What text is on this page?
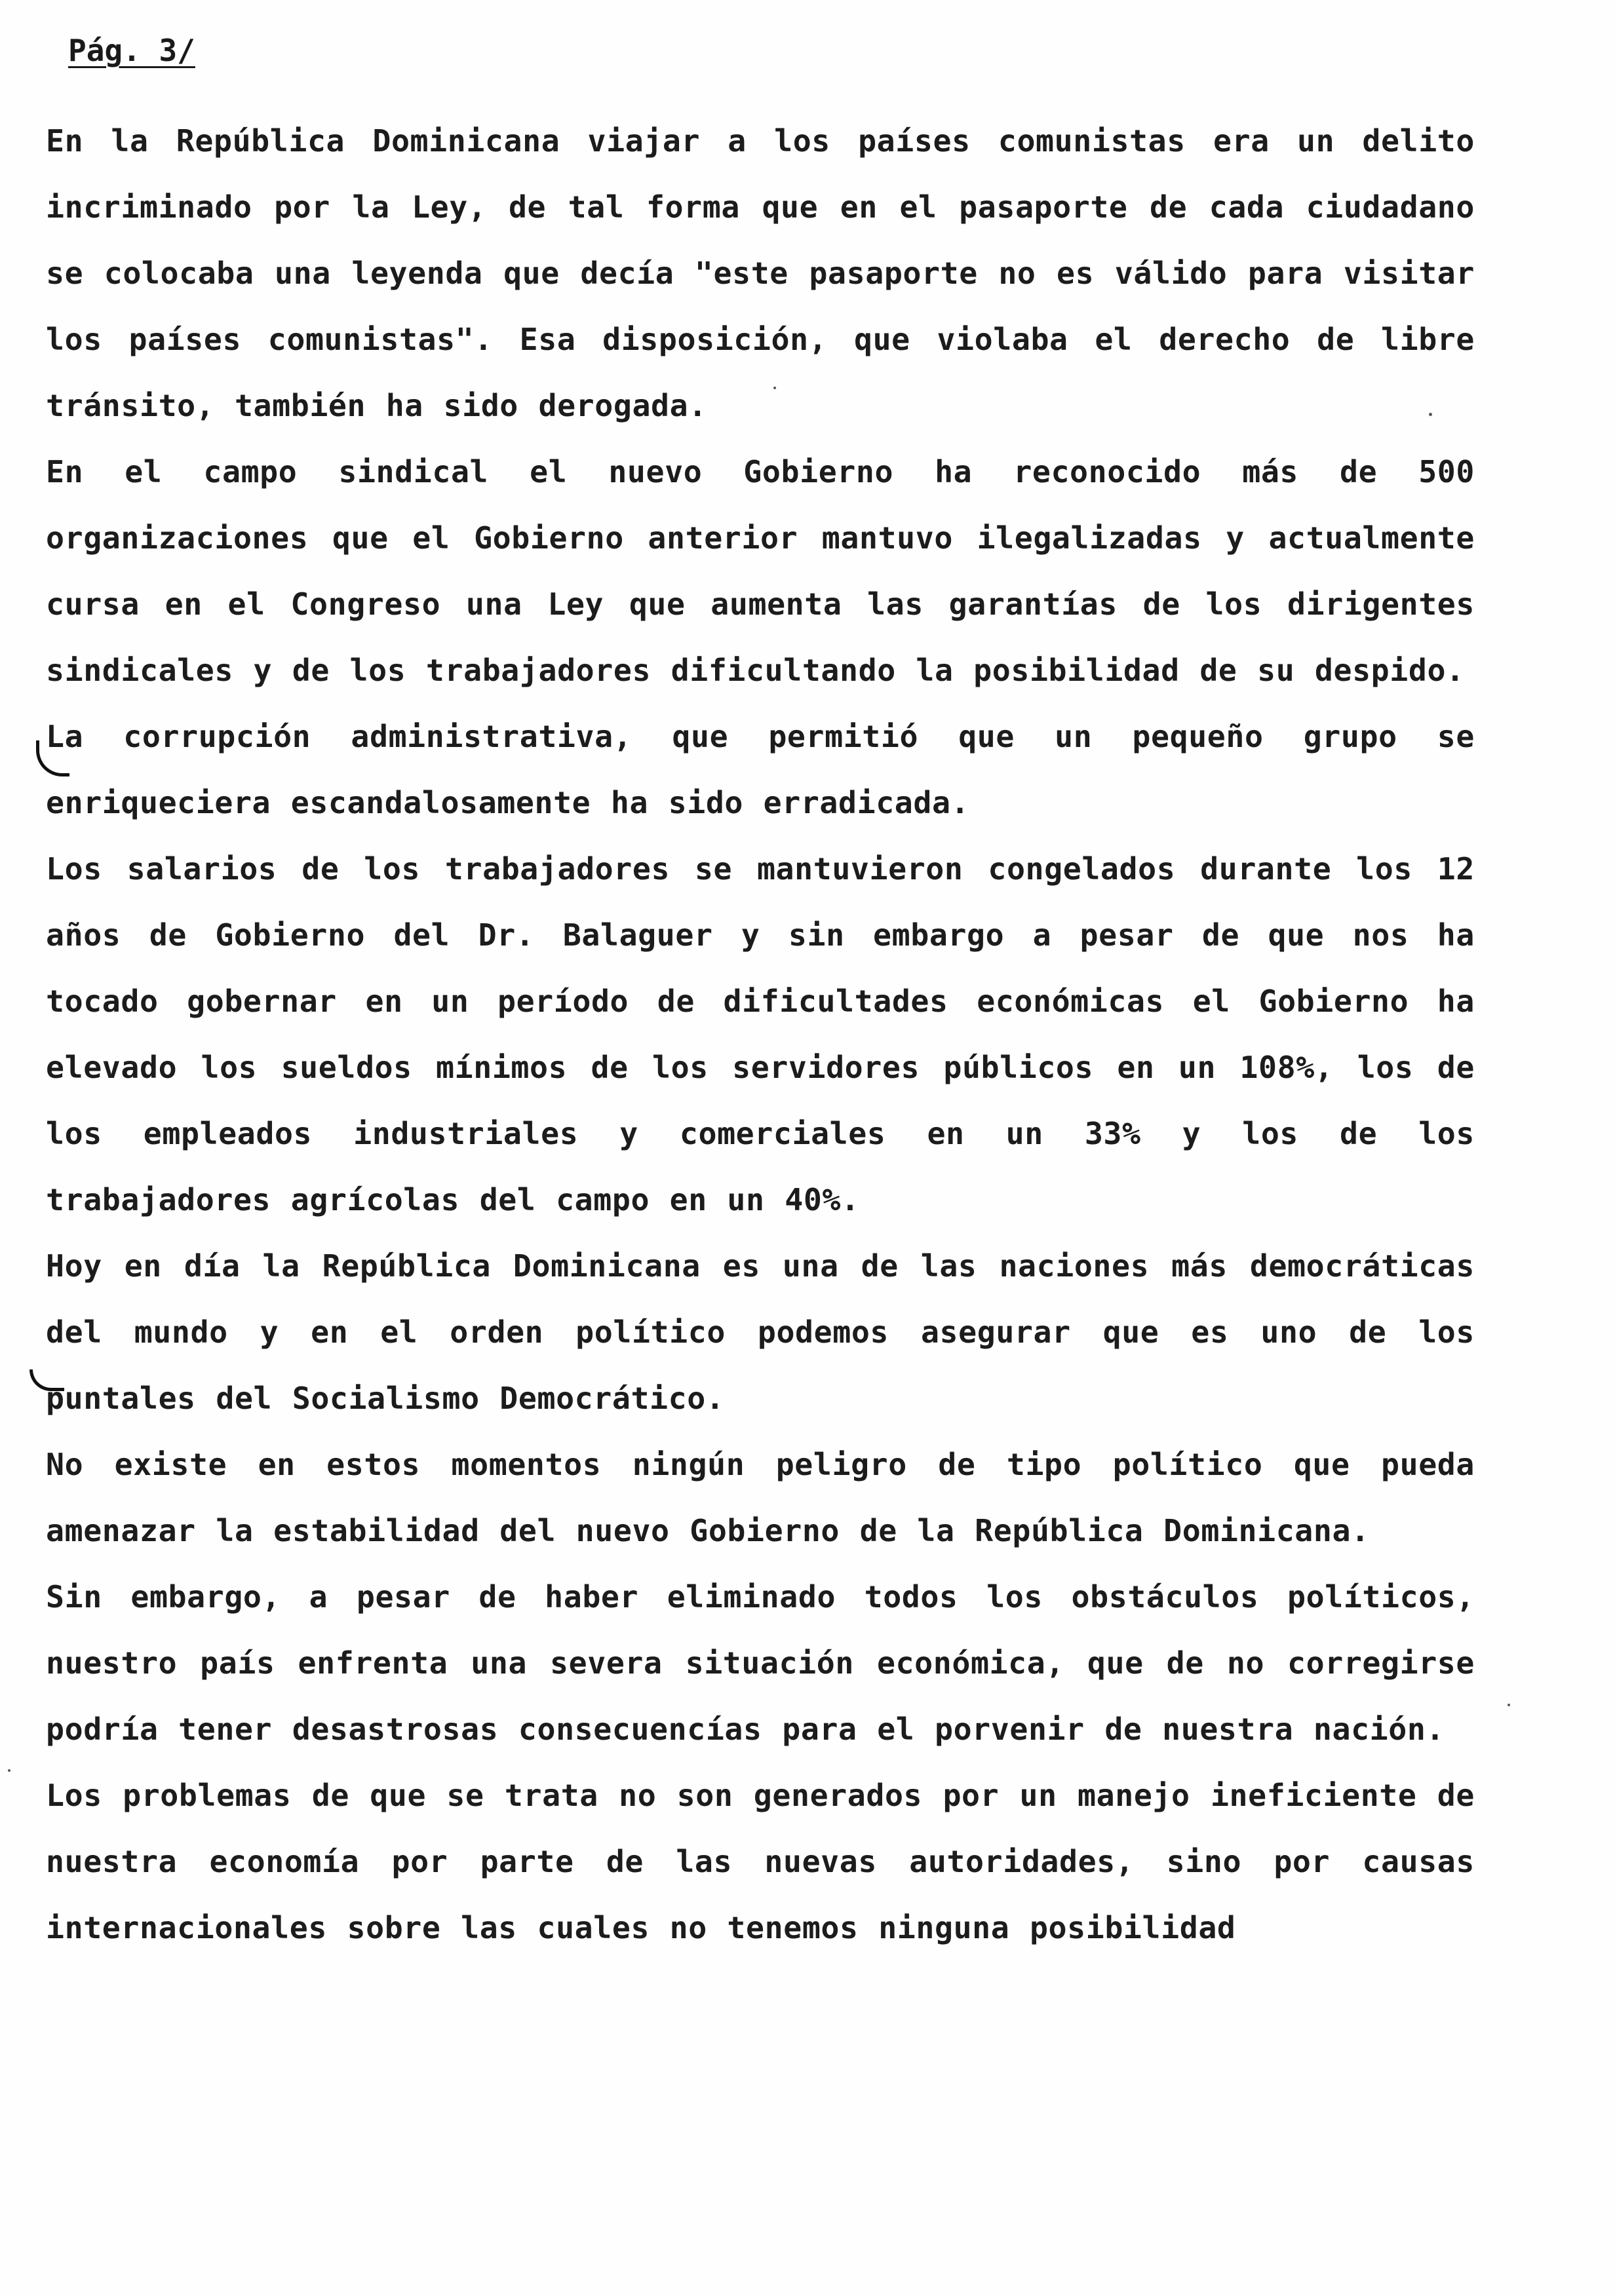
Pág. 3/

En la República Dominicana viajar a los países comunistas era un delito incriminado por la Ley, de tal forma que en el pasaporte de cada ciudadano se colocaba una leyenda que decía "este pasaporte no es válido para visitar los países comunistas". Esa disposición, que violaba el derecho de libre tránsito, también ha sido derogada.

En el campo sindical el nuevo Gobierno ha reconocido más de 500 organizaciones que el Gobierno anterior mantuvo ilegalizadas y actualmente cursa en el Congreso una Ley que aumenta las garantías de los dirigentes sindicales y de los trabajadores dificultando la posibilidad de su despido.

La corrupción administrativa, que permitió que un pequeño grupo se enriqueciera escandalosamente ha sido erradicada.

Los salarios de los trabajadores se mantuvieron congelados durante los 12 años de Gobierno del Dr. Balaguer y sin embargo a pesar de que nos ha tocado gobernar en un período de dificultades económicas el Gobierno ha elevado los sueldos mínimos de los servidores públicos en un 108%, los de los empleados industriales y comerciales en un 33% y los de los trabajadores agrícolas del campo en un 40%.

Hoy en día la República Dominicana es una de las naciones más democráticas del mundo y en el orden político podemos asegurar que es uno de los puntales del Socialismo Democrático.

No existe en estos momentos ningún peligro de tipo político que pueda amenazar la estabilidad del nuevo Gobierno de la República Dominicana.

Sin embargo, a pesar de haber eliminado todos los obstáculos políticos, nuestro país enfrenta una severa situación económica, que de no corregirse podría tener desastrosas consecuencías para el porvenir de nuestra nación.

Los problemas de que se trata no son generados por un manejo ineficiente de nuestra economía por parte de las nuevas autoridades, sino por causas internacionales sobre las cuales no tenemos ninguna posibilidad
